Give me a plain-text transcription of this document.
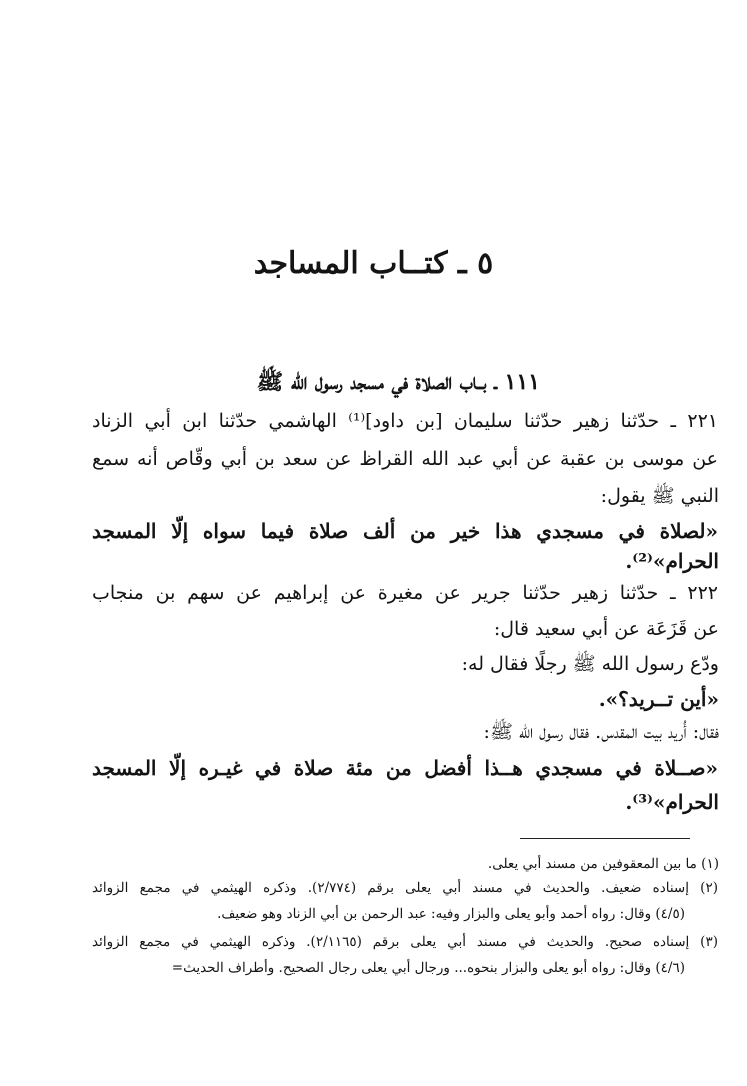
٥ ـ كتــاب المساجد
١١١ ـ بــاب الصلاة في مسجد رسول الله ﷺ
٢٢١ ـ حدّثنا زهير حدّثنا سليمان [بن داود]⁽¹⁾ الهاشمي حدّثنا ابن أبي الزناد
عن موسى بن عقبة عن أبي عبد الله القراظ عن سعد بن أبي وقّاص أنه سمع
النبي ﷺ يقول:
«لصلاة في مسجدي هذا خير من ألف صلاة فيما سواه إلّا المسجد
الحرام»⁽²⁾.
٢٢٢ ـ حدّثنا زهير حدّثنا جرير عن مغيرة عن إبراهيم عن سهم بن منجاب
عن قَزَعَة عن أبي سعيد قال:
ودّع رسول الله ﷺ رجلًا فقال له:
«أين تــريد؟».
فقال: أُريد بيت المقدس. فقال رسول الله ﷺ:
«صــلاة في مسجدي هــذا أفضل من مئة صلاة في غيـره إلّا المسجد
الحرام»⁽³⁾.
(١) ما بين المعقوفين من مسند أبي يعلى.
(٢) إسناده ضعيف. والحديث في مسند أبي يعلى برقم (٢/٧٧٤). وذكره الهيثمي في مجمع الزوائد
(٤/٥) وقال: رواه أحمد وأبو يعلى والبزار وفيه: عبد الرحمن بن أبي الزناد وهو ضعيف.
(٣) إسناده صحيح. والحديث في مسند أبي يعلى برقم (٢/١١٦٥). وذكره الهيثمي في مجمع الزوائد
(٤/٦) وقال: رواه أبو يعلى والبزار بنحوه... ورجال أبي يعلى رجال الصحيح. وأطراف الحديث=
